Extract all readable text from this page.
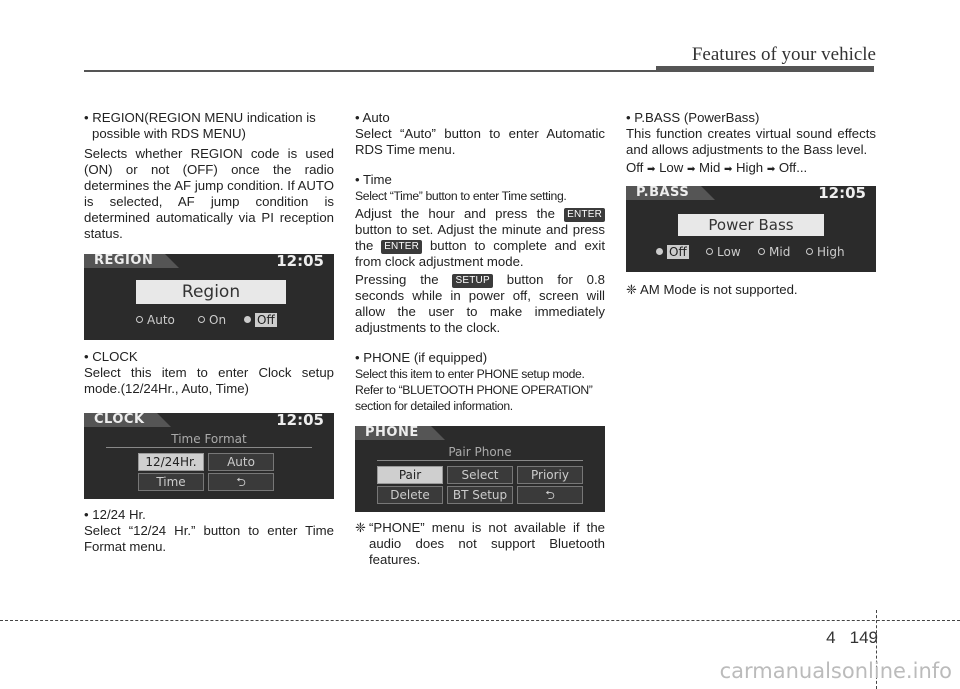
Features of your vehicle

• REGION(REGION MENU indication is

possible with RDS MENU)

Selects whether REGION code is used (ON) or not (OFF) once the radio determines the AF jump condition. If AUTO is selected, AF jump condition is determined automatically via PI reception status.

REGION	12:05
Region
Auto	On	Off

• CLOCK

Select this item to enter Clock setup mode.(12/24Hr., Auto, Time)

CLOCK	12:05
Time Format
12/24Hr.	Auto
Time	⮌

• 12/24 Hr.

Select “12/24 Hr.” button to enter Time Format menu.

• Auto

Select “Auto” button to enter Automatic RDS Time menu.

• Time

Select “Time” button to enter Time setting.

Adjust the hour and press the ENTER button to set. Adjust the minute and press the ENTER button to complete and exit from clock adjustment mode.

Pressing the SETUP button for 0.8 seconds while in power off, screen will allow the user to make immediately adjustments to the clock.

• PHONE (if equipped)

Select this item to enter PHONE setup mode. Refer to “BLUETOOTH PHONE OPERATION” section for detailed information.

PHONE
Pair Phone
Pair	Select	Prioriy
Delete	BT Setup	⮌

❈ “PHONE” menu is not available if the audio does not support Bluetooth features.

• P.BASS (PowerBass)

This function creates virtual sound effects and allows adjustments to the Bass level.

Off ➡ Low ➡ Mid ➡ High ➡ Off...

P.BASS	12:05
Power Bass
Off	Low	Mid	High

❈ AM Mode is not supported.

4 149
carmanualsonline.info
